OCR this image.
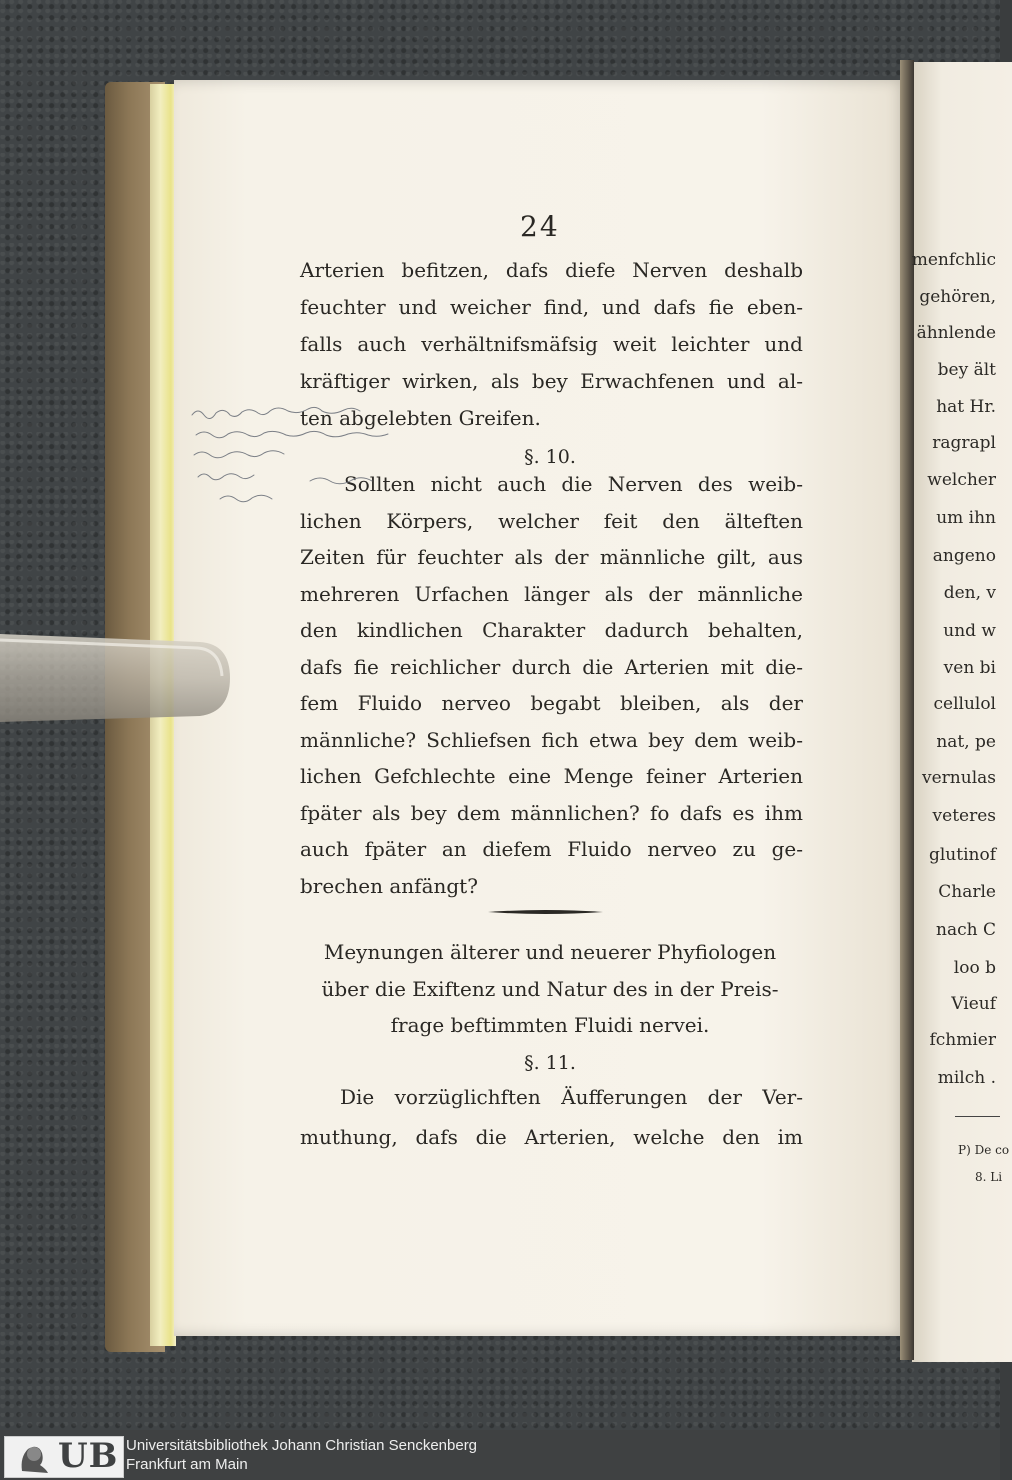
menfchlic
gehören,
ähnlende
bey ält
hat Hr.
ragrapl
welcher
um ihn
angeno
den, v
und w
ven bi
cellulol
nat, pe
vernulas
veteres
glutinof
Charle
nach C
loo b
Vieuf
fchmier
milch .
P) De co
8. Li
24
Arterien befitzen, dafs diefe Nerven deshalb
feuchter und weicher find, und dafs fie eben-
falls auch verhältnifsmäfsig weit leichter und
kräftiger wirken, als bey Erwachfenen und al-
ten abgelebten Greifen.
§. 10.
Sollten nicht auch die Nerven des weib-
lichen Körpers, welcher feit den älteften
Zeiten für feuchter als der männliche gilt, aus
mehreren Urfachen länger als der männliche
den kindlichen Charakter dadurch behalten,
dafs fie reichlicher durch die Arterien mit die-
fem Fluido nerveo begabt bleiben, als der
männliche? Schliefsen fich etwa bey dem weib-
lichen Gefchlechte eine Menge feiner Arterien
fpäter als bey dem männlichen? fo dafs es ihm
auch fpäter an diefem Fluido nerveo zu ge-
brechen anfängt?
Meynungen älterer und neuerer Phyfiologen
über die Exiftenz und Natur des in der Preis-
frage beftimmten Fluidi nervei.
§. 11.
Die vorzüglichften Äufferungen der Ver-
muthung, dafs die Arterien, welche den im
UB Universitätsbibliothek Johann Christian Senckenberg
Frankfurt am Main
